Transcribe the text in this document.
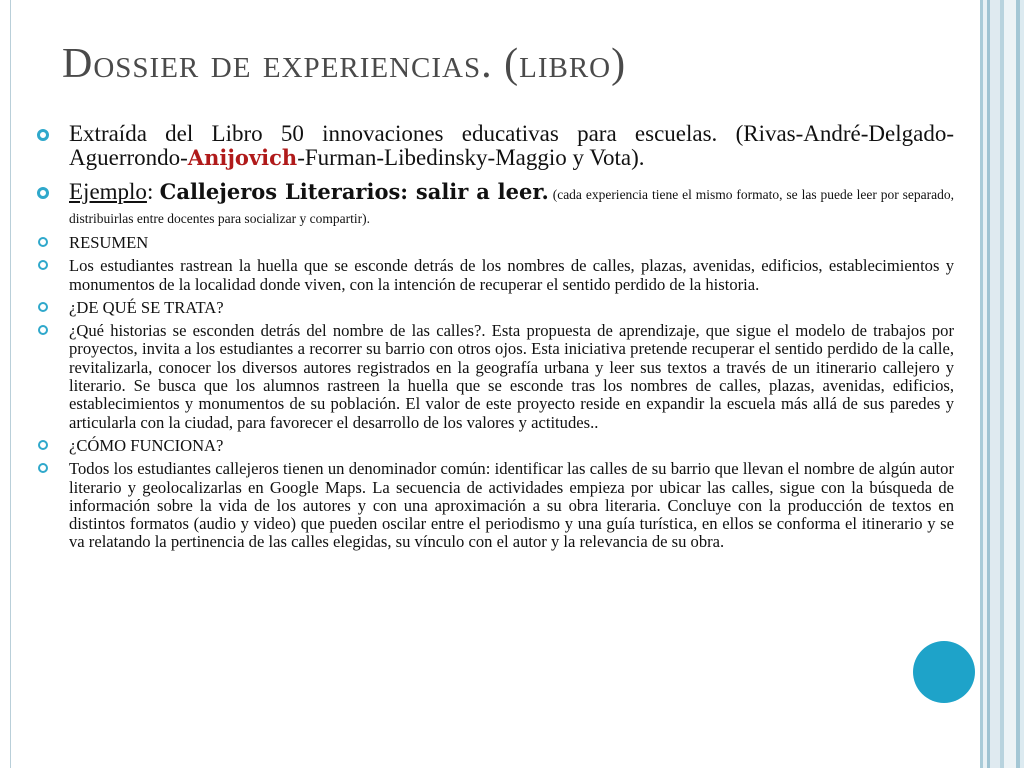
Dossier de experiencias. (libro)
Extraída del Libro 50 innovaciones educativas para escuelas. (Rivas-André-Delgado-Aguerrondo-Anijovich-Furman-Libedinsky-Maggio y Vota).
Ejemplo: Callejeros Literarios: salir a leer. (cada experiencia tiene el mismo formato, se las puede leer por separado, distribuirlas entre docentes para socializar y compartir).
RESUMEN
Los estudiantes rastrean la huella que se esconde detrás de los nombres de calles, plazas, avenidas, edificios, establecimientos y monumentos de la localidad donde viven, con la intención de recuperar el sentido perdido de la historia.
¿DE QUÉ SE TRATA?
¿Qué historias se esconden detrás del nombre de las calles?. Esta propuesta de aprendizaje, que sigue el modelo de trabajos por proyectos, invita a los estudiantes a recorrer su barrio con otros ojos. Esta iniciativa pretende recuperar el sentido perdido de la calle, revitalizarla, conocer los diversos autores registrados en la geografía urbana y leer sus textos a través de un itinerario callejero y literario. Se busca que los alumnos rastreen la huella que se esconde tras los nombres de calles, plazas, avenidas, edificios, establecimientos y monumentos de su población. El valor de este proyecto reside en expandir la escuela más allá de sus paredes y articularla con la ciudad, para favorecer el desarrollo de los valores y actitudes..
¿CÓMO FUNCIONA?
Todos los estudiantes callejeros tienen un denominador común: identificar las calles de su barrio que llevan el nombre de algún autor literario y geolocalizarlas en Google Maps. La secuencia de actividades empieza por ubicar las calles, sigue con la búsqueda de información sobre la vida de los autores y con una aproximación a su obra literaria. Concluye con la producción de textos en distintos formatos (audio y video) que pueden oscilar entre el periodismo y una guía turística, en ellos se conforma el itinerario y se va relatando la pertinencia de las calles elegidas, su vínculo con el autor y la relevancia de su obra.
